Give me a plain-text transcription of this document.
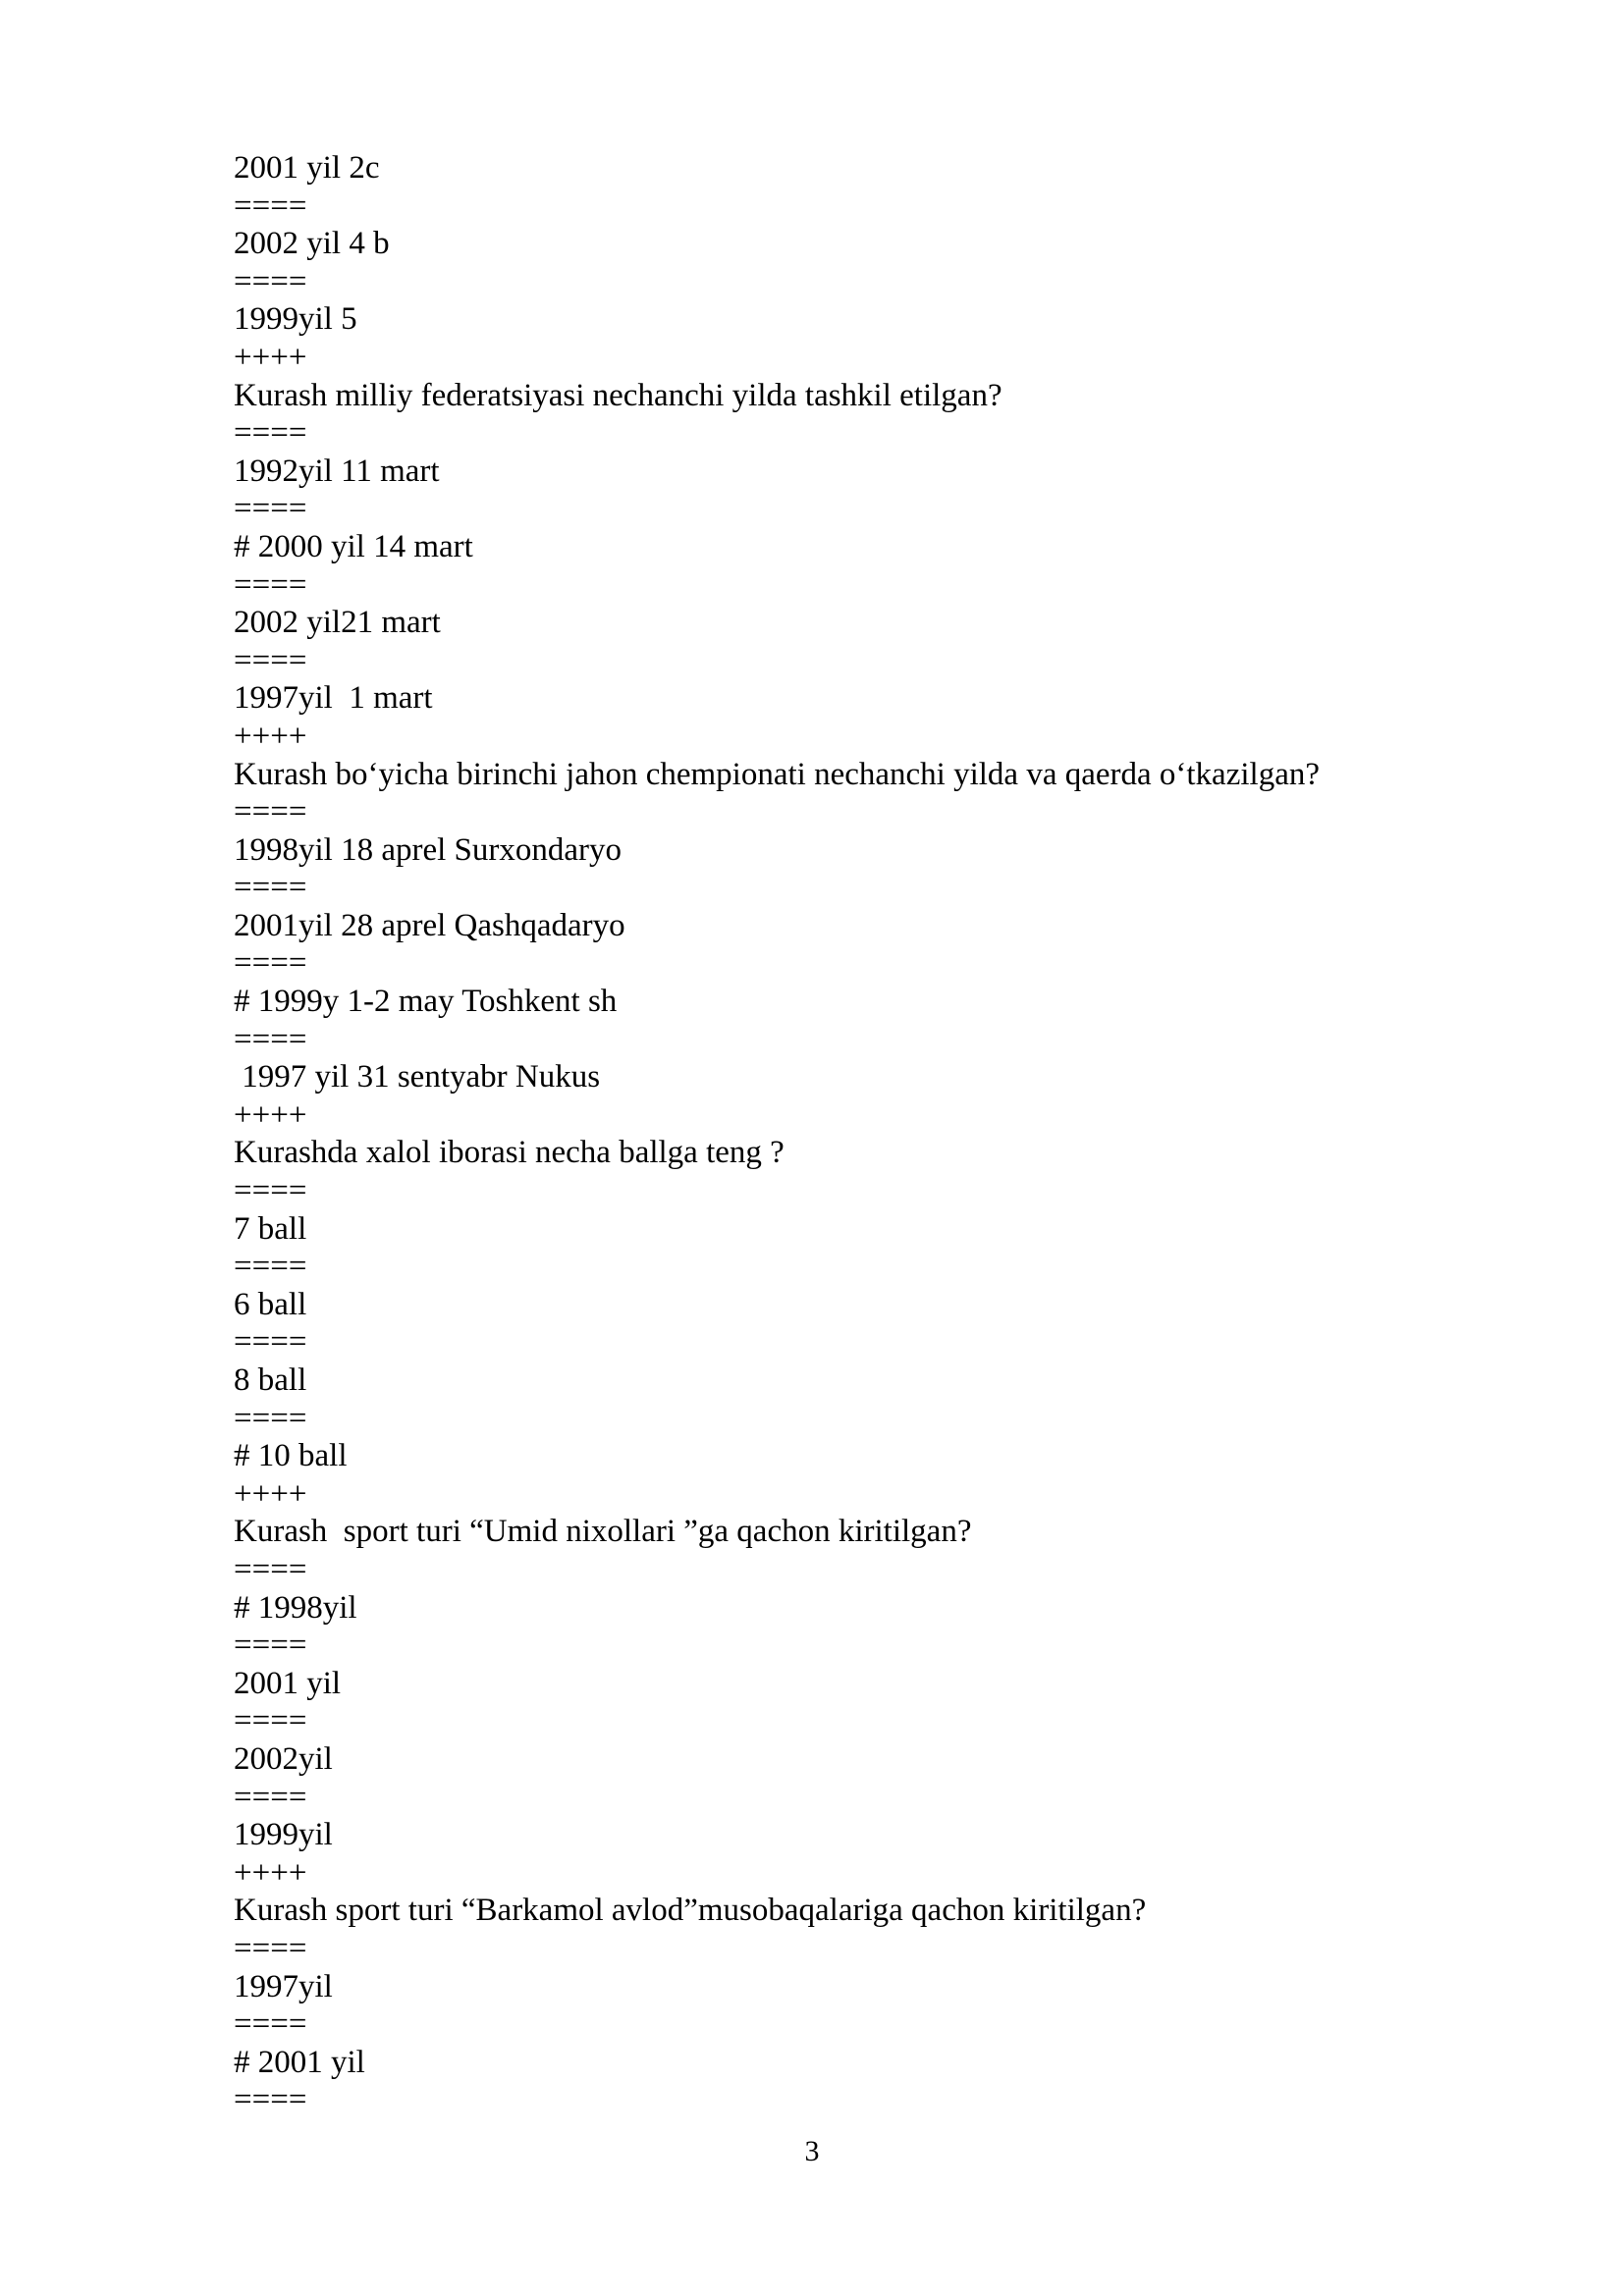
2001 yil 2c
====
2002 yil 4 b
====
1999yil 5
++++
Kurash milliy federatsiyasi nechanchi yilda tashkil etilgan?
====
1992yil 11 mart
====
# 2000 yil 14 mart
====
2002 yil21 mart
====
1997yil  1 mart
++++
Kurash bo‘yicha birinchi jahon chempionati nechanchi yilda va qaerda o‘tkazilgan?
====
1998yil 18 aprel Surxondaryo
====
2001yil 28 aprel Qashqadaryo
====
# 1999y 1-2 may Toshkent sh
====
1997 yil 31 sentyabr Nukus
++++
Kurashda xalol iborasi necha ballga teng ?
====
7 ball
====
6 ball
====
8 ball
====
# 10 ball
++++
Kurash  sport turi “Umid nixollari ”ga qachon kiritilgan?
====
# 1998yil
====
2001 yil
====
2002yil
====
1999yil
++++
Kurash sport turi “Barkamol avlod”musobaqalariga qachon kiritilgan?
====
1997yil
====
# 2001 yil
====
3
